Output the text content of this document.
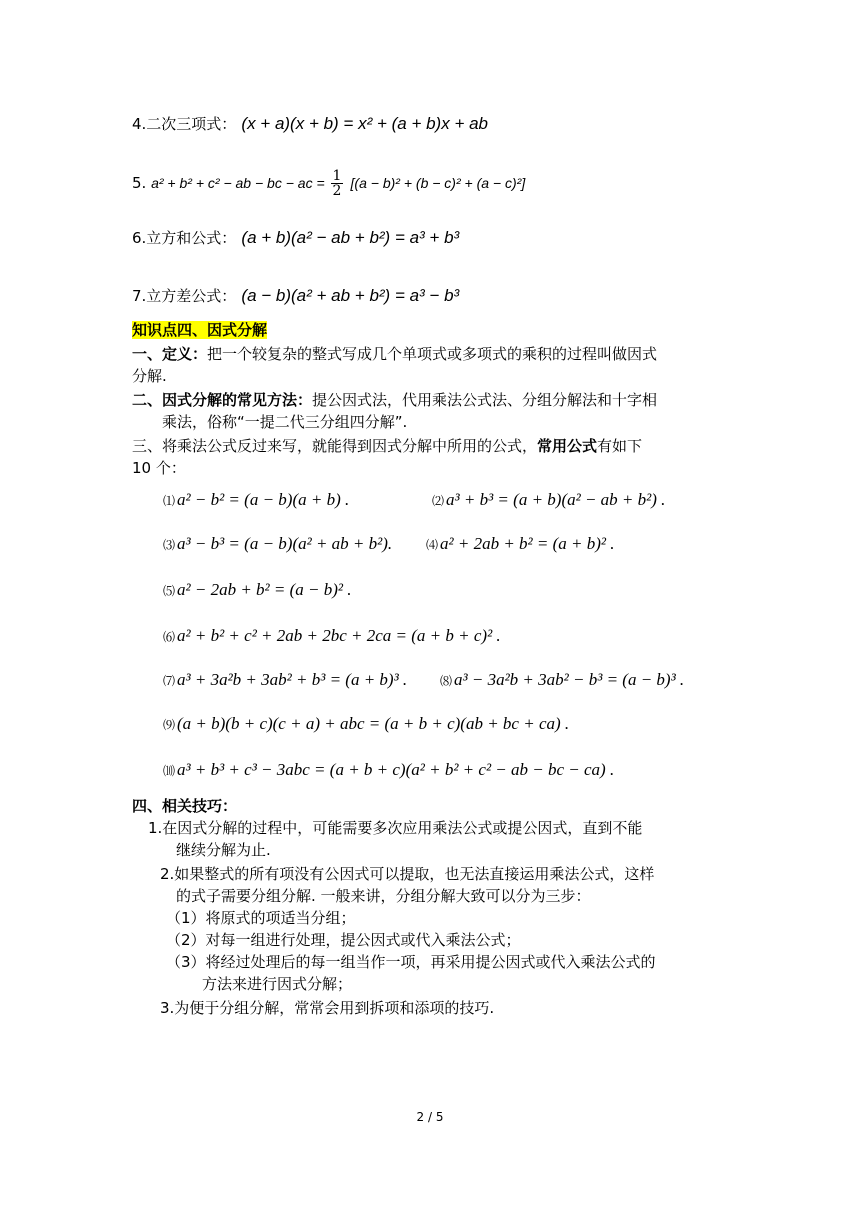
4.二次三项式： (x + a)(x + b) = x² + (a + b)x + ab
5. a² + b² + c² − ab − bc − ac = $\frac{1}{2} [(a - b)^2 + (b - c)^2 + (a - c)^2]$
6.立方和公式： (a + b)(a² − ab + b²) = a³ + b³
7.立方差公式： (a − b)(a² + ab + b²) = a³ − b³
知识点四、因式分解
一、定义：把一个较复杂的整式写成几个单项式或多项式的乘积的过程叫做因式
分解.
二、因式分解的常见方法：提公因式法，代用乘法公式法、分组分解法和十字相
乘法，俗称“一提二代三分组四分解”.
三、将乘法公式反过来写，就能得到因式分解中所用的公式，常用公式有如下
10 个：
⑴ a² − b² = (a − b)(a + b) .	⑵ a³ + b³ = (a + b)(a² − ab + b²) .
⑶ a³ − b³ = (a − b)(a² + ab + b²).	⑷ a² + 2ab + b² = (a + b)² .
⑸ a² − 2ab + b² = (a − b)² .
⑹ a² + b² + c² + 2ab + 2bc + 2ca = (a + b + c)² .
⑺ a³ + 3a²b + 3ab² + b³ = (a + b)³ .	⑻ a³ − 3a²b + 3ab² − b³ = (a − b)³ .
⑼ (a + b)(b + c)(c + a) + abc = (a + b + c)(ab + bc + ca) .
⑽ a³ + b³ + c³ − 3abc = (a + b + c)(a² + b² + c² − ab − bc − ca) .
四、相关技巧：
1.在因式分解的过程中，可能需要多次应用乘法公式或提公因式，直到不能
继续分解为止.
2.如果整式的所有项没有公因式可以提取，也无法直接运用乘法公式，这样
的式子需要分组分解. 一般来讲，分组分解大致可以分为三步：
（1）将原式的项适当分组；
（2）对每一组进行处理，提公因式或代入乘法公式；
（3）将经过处理后的每一组当作一项，再采用提公因式或代入乘法公式的
方法来进行因式分解；
3.为便于分组分解，常常会用到拆项和添项的技巧.
2 / 5
